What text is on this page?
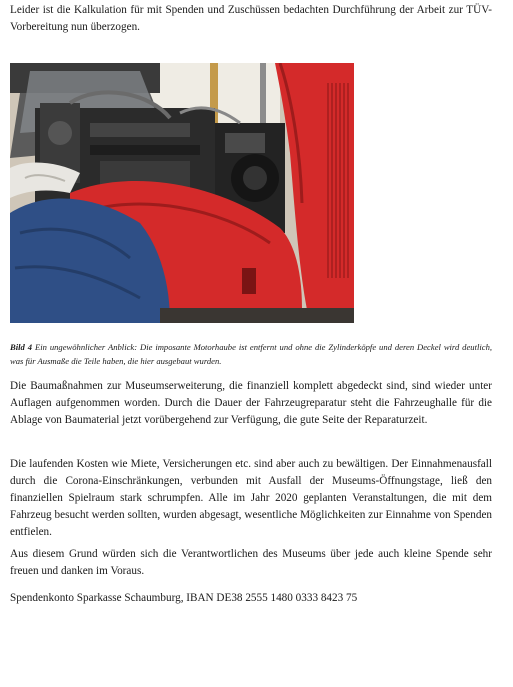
Leider ist die Kalkulation für mit Spenden und Zuschüssen bedachten Durchführung der Arbeit zur TÜV-Vorbereitung nun überzogen.

Bild 4 Ein ungewöhnlicher Anblick: Die imposante Motorhaube ist entfernt und ohne die Zylinderköpfe und deren Deckel wird deutlich, was für Ausmaße die Teile haben, die hier ausgebaut wurden.

Die Baumaßnahmen zur Museumserweiterung, die finanziell komplett abgedeckt sind, sind wieder unter Auflagen aufgenommen worden. Durch die Dauer der Fahrzeugreparatur steht die Fahrzeughalle für die Ablage von Baumaterial jetzt vorübergehend zur Verfügung, die gute Seite der Reparaturzeit.

Die laufenden Kosten wie Miete, Versicherungen etc. sind aber auch zu bewältigen. Der Einnahmenausfall durch die Corona-Einschränkungen, verbunden mit Ausfall der Museums-Öffnungstage, ließ den finanziellen Spielraum stark schrumpfen. Alle im Jahr 2020 geplanten Veranstaltungen, die mit dem Fahrzeug besucht werden sollten, wurden abgesagt, wesentliche Möglichkeiten zur Einnahme von Spenden entfielen.

Aus diesem Grund würden sich die Verantwortlichen des Museums über jede auch kleine Spende sehr freuen und danken im Voraus.

Spendenkonto Sparkasse Schaumburg, IBAN DE38 2555 1480 0333 8423 75
